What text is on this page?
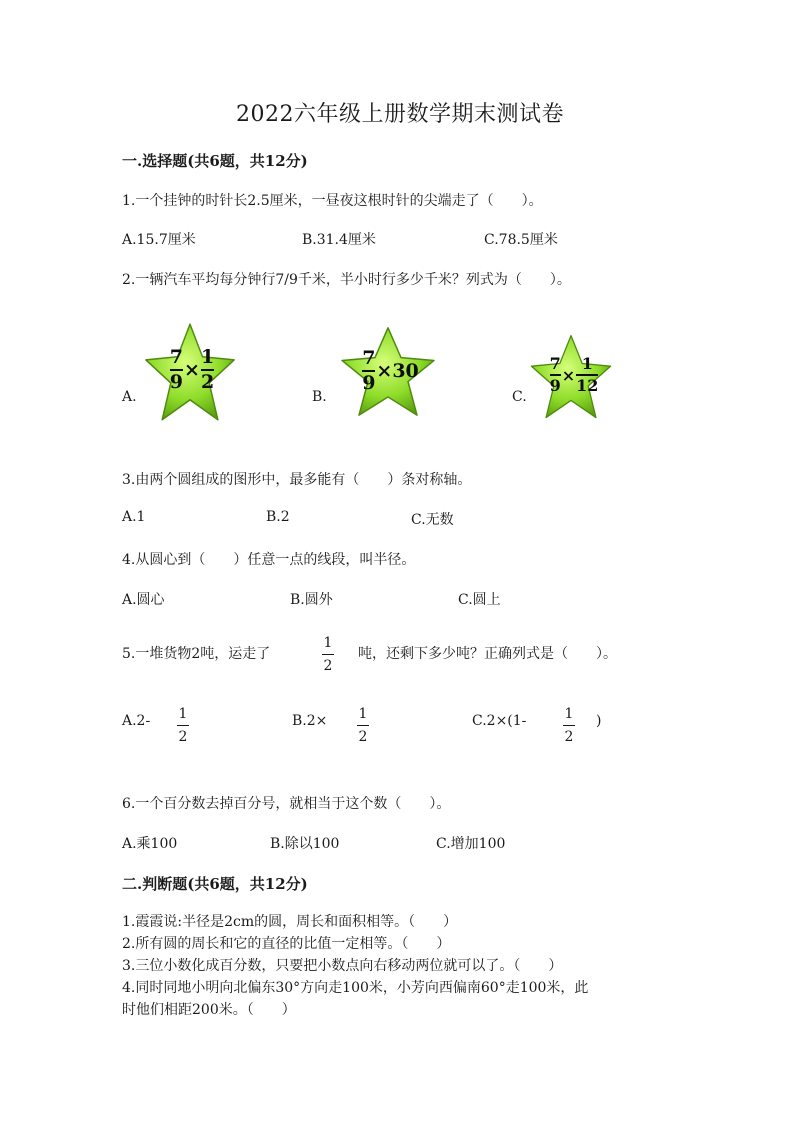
2022六年级上册数学期末测试卷
一.选择题(共6题，共12分)
1.一个挂钟的时针长2.5厘米，一昼夜这根时针的尖端走了（　　）。
A.15.7厘米	B.31.4厘米	C.78.5厘米
2.一辆汽车平均每分钟行7/9千米，半小时行多少千米？列式为（　　）。
A.	B.	C.
7
9
×
1
2
7
9
×30	7
9
×
1
12
3.由两个圆组成的图形中，最多能有（　　）条对称轴。
A.1	B.2	C.无数
4.从圆心到（　　）任意一点的线段，叫半径。
A.圆心	B.圆外	C.圆上
5.一堆货物2吨，运走了
1
2
吨，还剩下多少吨？正确列式是（　　）。
A.2- 1
2
B.2× 1
2
C.2×(1-	1
2
)
6.一个百分数去掉百分号，就相当于这个数（　　）。
A.乘100	B.除以100	C.增加100
二.判断题(共6题，共12分)
1.霞霞说:半径是2cm的圆，周长和面积相等。（　　）
2.所有圆的周长和它的直径的比值一定相等。（　　）
3.三位小数化成百分数，只要把小数点向右移动两位就可以了。（　　）
4.同时同地小明向北偏东30°方向走100米，小芳向西偏南60°走100米，此
时他们相距200米。（　　）
